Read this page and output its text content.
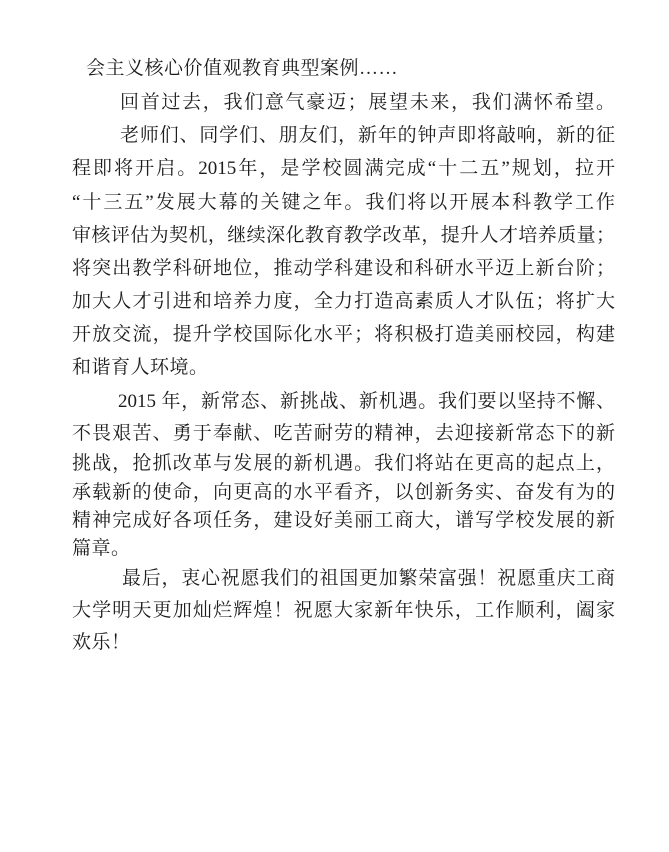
会主义核心价值观教育典型案例……
回首过去，我们意气豪迈；展望未来，我们满怀希望。
老师们、同学们、朋友们，新年的钟声即将敲响，新的征
程即将开启。2015年，是学校圆满完成“十二五”规划，拉开
“十三五”发展大幕的关键之年。我们将以开展本科教学工作
审核评估为契机，继续深化教育教学改革，提升人才培养质量；
将突出教学科研地位，推动学科建设和科研水平迈上新台阶；
加大人才引进和培养力度，全力打造高素质人才队伍；将扩大
开放交流，提升学校国际化水平；将积极打造美丽校园，构建
和谐育人环境。
2015 年，新常态、新挑战、新机遇。我们要以坚持不懈、
不畏艰苦、勇于奉献、吃苦耐劳的精神，去迎接新常态下的新
挑战，抢抓改革与发展的新机遇。我们将站在更高的起点上，
承载新的使命，向更高的水平看齐，以创新务实、奋发有为的
精神完成好各项任务，建设好美丽工商大，谱写学校发展的新
篇章。
最后，衷心祝愿我们的祖国更加繁荣富强！祝愿重庆工商
大学明天更加灿烂辉煌！祝愿大家新年快乐，工作顺利，阖家
欢乐！
